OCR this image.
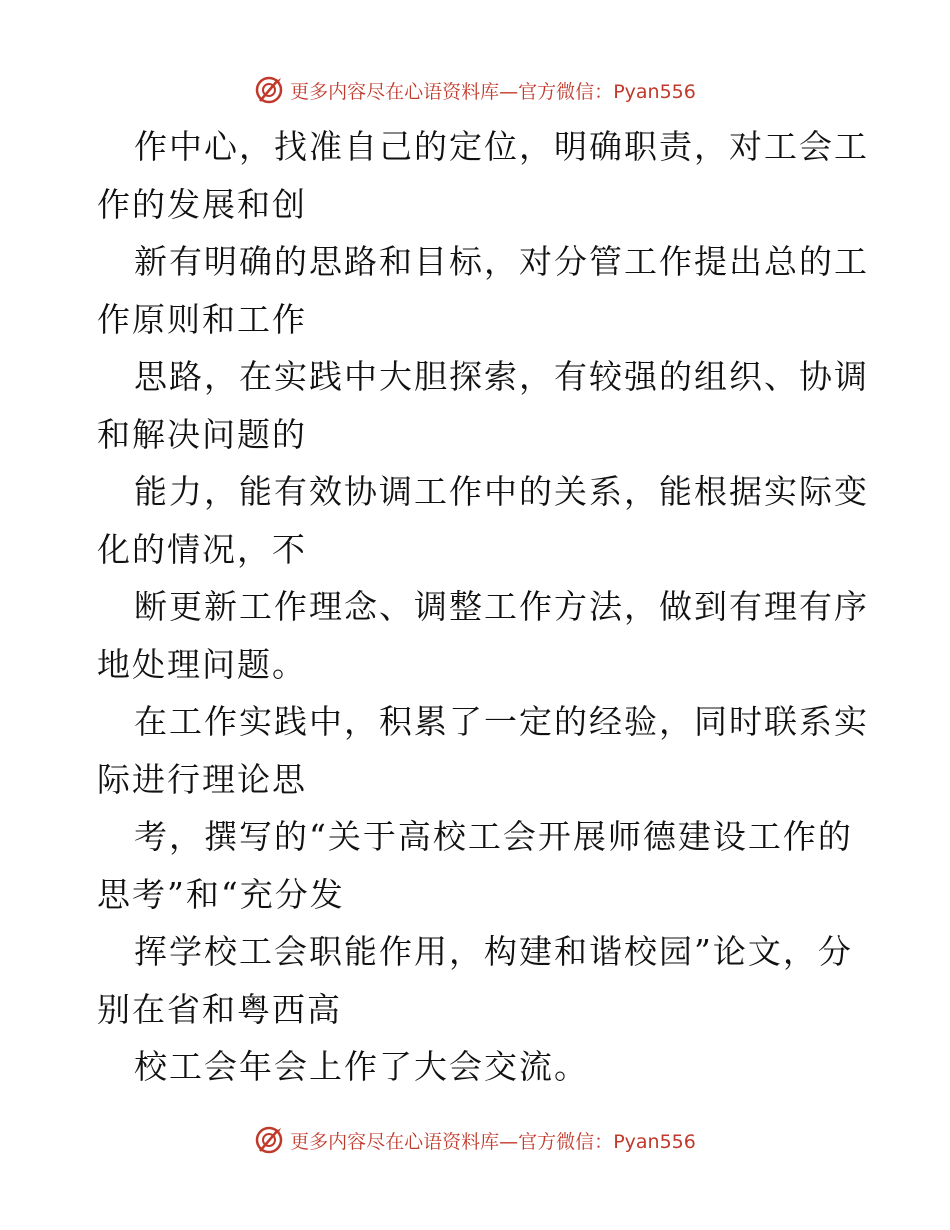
更多内容尽在心语资料库—官方微信：Pyan556

作中心，找准自己的定位，明确职责，对工会工

作的发展和创

新有明确的思路和目标，对分管工作提出总的工

作原则和工作

思路，在实践中大胆探索，有较强的组织、协调

和解决问题的

能力，能有效协调工作中的关系，能根据实际变

化的情况，不

断更新工作理念、调整工作方法，做到有理有序

地处理问题。

在工作实践中，积累了一定的经验，同时联系实

际进行理论思

考，撰写的“关于高校工会开展师德建设工作的

思考”和“充分发

挥学校工会职能作用，构建和谐校园”论文，分

别在省和粤西高

校工会年会上作了大会交流。

更多内容尽在心语资料库—官方微信：Pyan556
